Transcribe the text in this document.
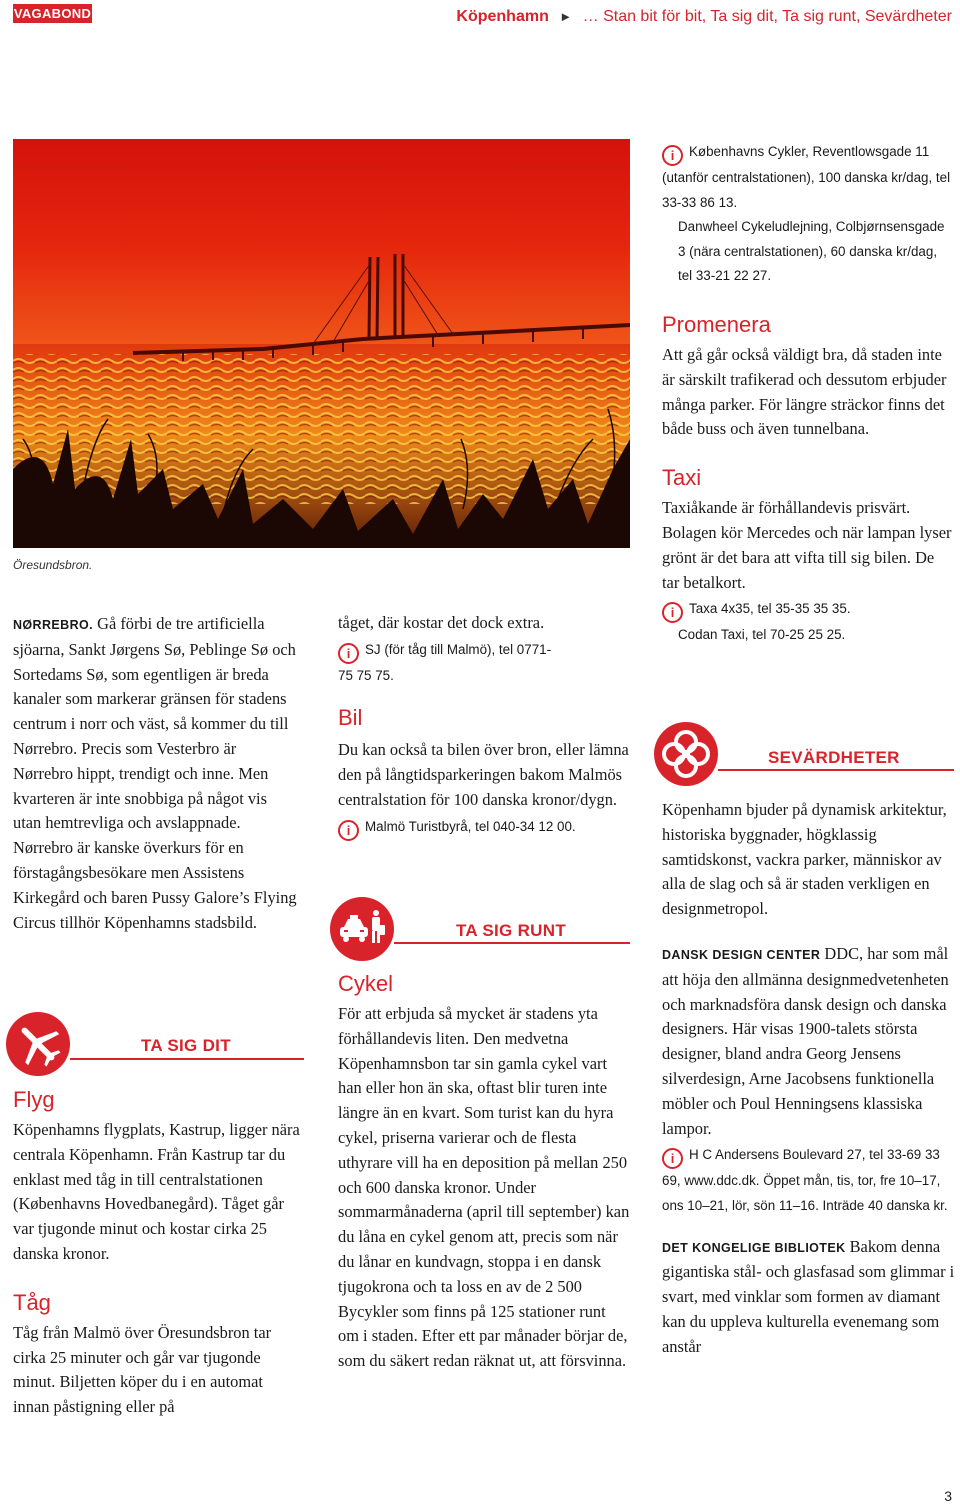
VAGABOND	Köpenhamn ► … Stan bit för bit, Ta sig dit, Ta sig runt, Sevärdheter
Öresundsbron.

NØRREBRO. Gå förbi de tre artificiella sjöarna, Sankt Jørgens Sø, Peblinge Sø och Sortedams Sø, som egentligen är breda kanaler som markerar gränsen för stadens centrum i norr och väst, så kommer du till Nørrebro. Precis som Vesterbro är Nørrebro hippt, trendigt och inne. Men kvarteren är inte snobbiga på något vis utan hemtrevliga och avslappnade. Nørrebro är kanske överkurs för en förstagångsbesökare men Assistens Kirkegård och baren Pussy Galore’s Flying Circus tillhör Köpenhamns stadsbild.

TA SIG DIT

Flyg

Köpenhamns flygplats, Kastrup, ligger nära centrala Köpenhamn. Från Kastrup tar du enklast med tåg in till centralstationen (Københavns Hovedbanegård). Tåget går var tjugonde minut och kostar cirka 25 danska kronor.

Tåg

Tåg från Malmö över Öresundsbron tar cirka 25 minuter och går var tjugonde minut. Biljetten köper du i en automat innan påstigning eller på

tåget, där kostar det dock extra.

i SJ (för tåg till Malmö), tel 0771-

75 75 75.

Bil

Du kan också ta bilen över bron, eller lämna den på långtidsparkeringen bakom Malmös centralstation för 100 danska kronor/dygn.

i Malmö Turistbyrå, tel 040-34 12 00.

TA SIG RUNT

Cykel

För att erbjuda så mycket är stadens yta förhållandevis liten. Den medvetna Köpenhamnsbon tar sin gamla cykel vart han eller hon än ska, oftast blir turen inte längre än en kvart. Som turist kan du hyra cykel, priserna varierar och de flesta uthyrare vill ha en deposition på mellan 250 och 600 danska kronor. Under sommarmånaderna (april till september) kan du låna en cykel genom att, precis som när du lånar en kundvagn, stoppa i en dansk tjugokrona och ta loss en av de 2 500 Bycykler som finns på 125 stationer runt om i staden. Efter ett par månader börjar de, som du säkert redan räknat ut, att försvinna.

i Københavns Cykler, Reventlowsgade 11 (utanför centralstationen), 100 danska kr/dag, tel 33-33 86 13.

Danwheel Cykeludlejning, Colbjørnsensgade 3 (nära centralstationen), 60 danska kr/dag, tel 33-21 22 27.

Promenera

Att gå går också väldigt bra, då staden inte är särskilt trafikerad och dessutom erbjuder många parker. För längre sträckor finns det både buss och även tunnelbana.

Taxi

Taxiåkande är förhållandevis prisvärt. Bolagen kör Mercedes och när lampan lyser grönt är det bara att vifta till sig bilen. De tar betalkort.

i Taxa 4x35, tel 35-35 35 35.

Codan Taxi, tel 70-25 25 25.

SEVÄRDHETER

Köpenhamn bjuder på dynamisk arkitektur, historiska byggnader, högklassig samtidskonst, vackra parker, människor av alla de slag och så är staden verkligen en designmetropol.

DANSK DESIGN CENTER DDC, har som mål att höja den allmänna designmedvetenheten och marknadsföra dansk design och danska designers. Här visas 1900-talets största designer, bland andra Georg Jensens silverdesign, Arne Jacobsens funktionella möbler och Poul Henningsens klassiska lampor.

i H C Andersens Boulevard 27, tel 33-69 33 69, www.ddc.dk. Öppet mån, tis, tor, fre 10–17, ons 10–21, lör, sön 11–16. Inträde 40 danska kr.

DET KONGELIGE BIBLIOTEK Bakom denna gigantiska stål- och glasfasad som glimmar i svart, med vinklar som formen av diamant kan du uppleva kulturella evenemang som anstår

3
